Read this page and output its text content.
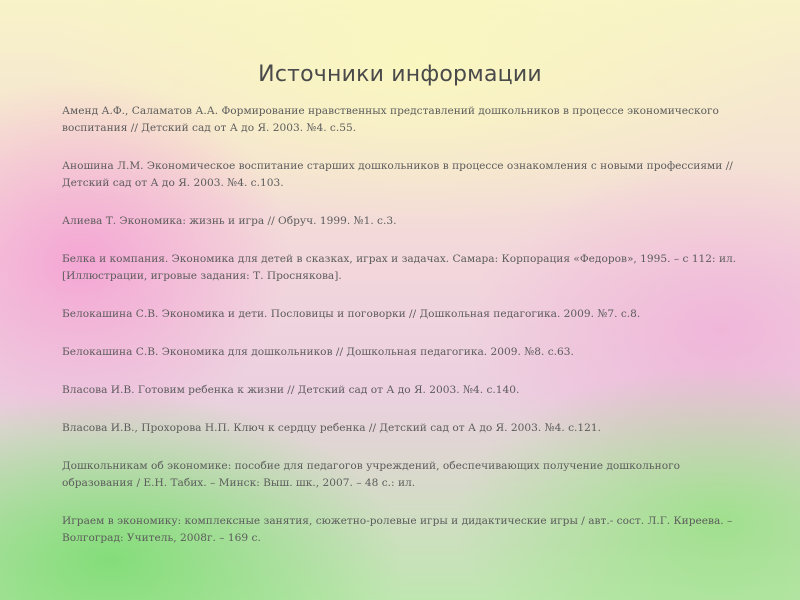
Источники информации
Аменд А.Ф., Саламатов А.А. Формирование нравственных представлений дошкольников в процессе экономического воспитания // Детский сад от А до Я. 2003. №4. с.55.
Аношина Л.М. Экономическое воспитание старших дошкольников в процессе ознакомления с новыми профессиями // Детский сад от А до Я. 2003. №4. с.103.
Алиева Т. Экономика: жизнь и игра // Обруч. 1999. №1. с.3.
Белка и компания. Экономика для детей в сказках, играх и задачах. Самара: Корпорация «Федоров», 1995. – с 112: ил. [Иллюстрации, игровые задания: Т. Проснякова].
Белокашина С.В. Экономика и дети. Пословицы и поговорки // Дошкольная педагогика. 2009. №7. с.8.
Белокашина С.В. Экономика для дошкольников // Дошкольная педагогика. 2009. №8. с.63.
Власова И.В. Готовим ребенка к жизни // Детский сад от А до Я. 2003. №4. с.140.
Власова И.В., Прохорова Н.П. Ключ к сердцу ребенка // Детский сад от А до Я. 2003. №4. с.121.
Дошкольникам об экономике: пособие для педагогов учреждений, обеспечивающих получение дошкольного образования / Е.Н. Табих. – Минск: Выш. шк., 2007. – 48 с.: ил.
Играем в экономику: комплексные занятия, сюжетно-ролевые игры и дидактические игры / авт.- сост. Л.Г. Киреева. – Волгоград: Учитель, 2008г. – 169 с.
